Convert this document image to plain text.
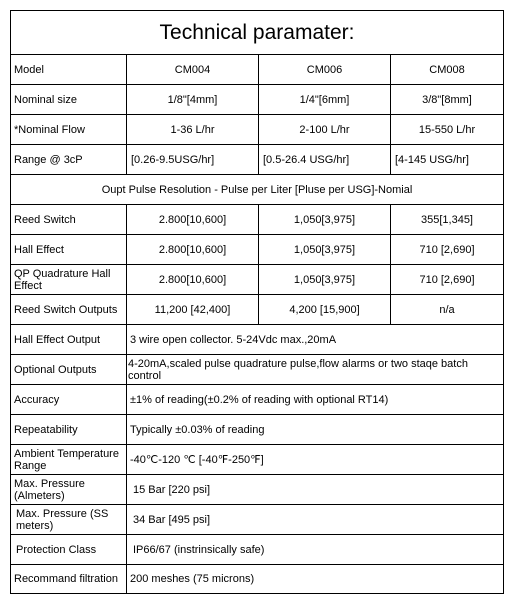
Technical paramater:
Model	CM004	CM006	CM008
Nominal size	1/8"[4mm]	1/4"[6mm]	3/8"[8mm]
*Nominal Flow	1-36 L/hr	2-100 L/hr	15-550 L/hr
Range @ 3cP	[0.26-9.5USG/hr]	[0.5-26.4 USG/hr]	[4-145 USG/hr]
Oupt Pulse Resolution - Pulse per Liter [Pluse per USG]-Nomial
Reed Switch	2.800[10,600]	1,050[3,975]	355[1,345]
Hall Effect	2.800[10,600]	1,050[3,975]	710 [2,690]
QP Quadrature Hall Effect	2.800[10,600]	1,050[3,975]	710 [2,690]
Reed Switch Outputs	11,200 [42,400]	4,200 [15,900]	n/a
Hall Effect Output	3 wire open collector. 5-24Vdc max.,20mA
Optional Outputs	4-20mA,scaled pulse quadrature pulse,flow alarms or two staqe batch control
Accuracy	±1% of reading(±0.2% of reading with optional RT14)
Repeatability	Typically ±0.03% of reading
Ambient Temperature Range	-40℃-120 ℃ [-40℉-250℉]
Max. Pressure (Almeters)	15 Bar [220 psi]
Max. Pressure (SS meters)	34 Bar [495 psi]
Protection Class	IP66/67 (instrinsically safe)
Recommand filtration	200 meshes (75 microns)
